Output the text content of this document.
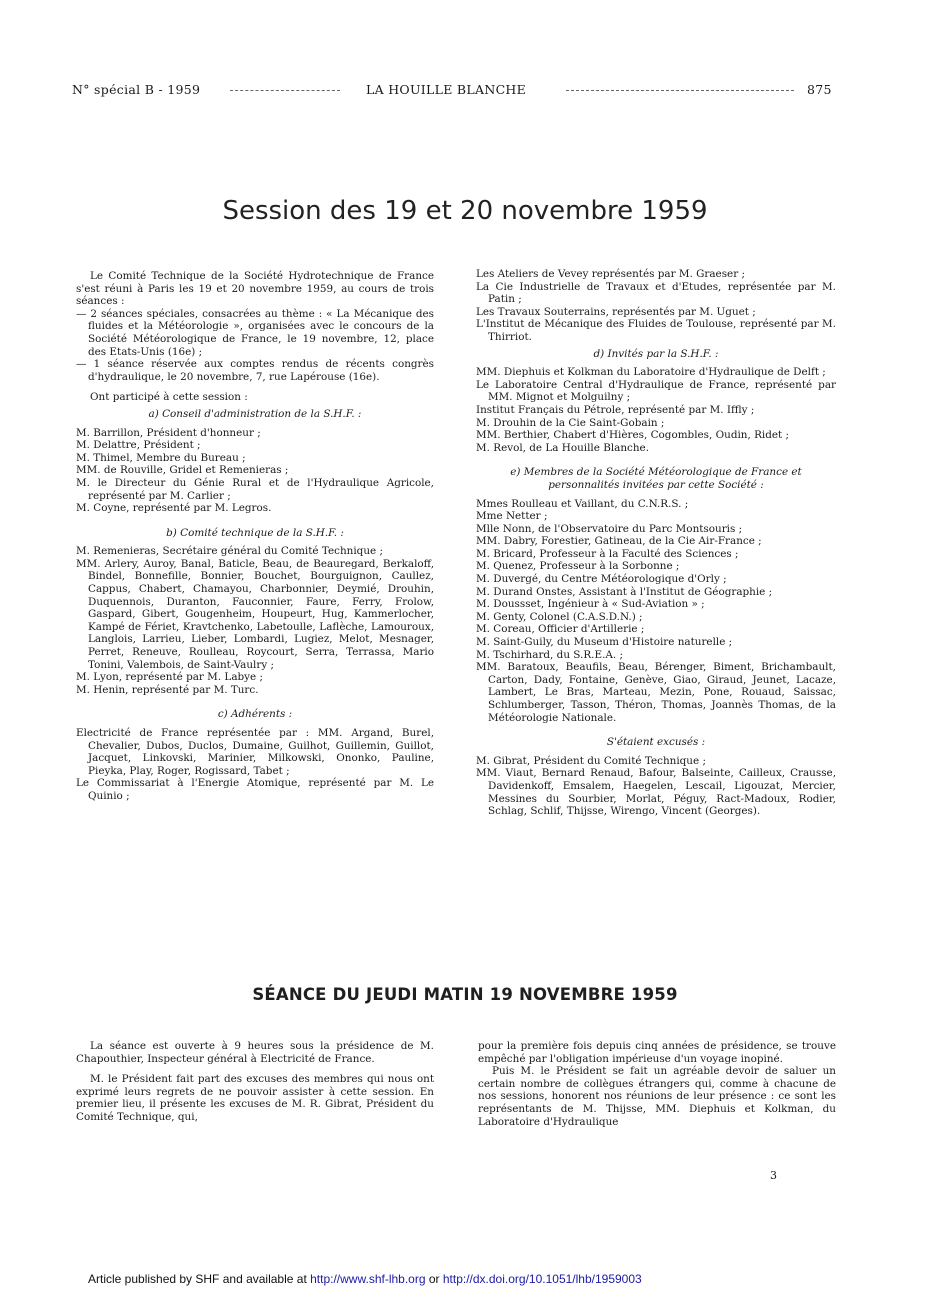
N° spécial B - 1959	LA HOUILLE BLANCHE	875
Session des 19 et 20 novembre 1959

Le Comité Technique de la Société Hydrotechnique de France s'est réuni à Paris les 19 et 20 novembre 1959, au cours de trois séances :

— 2 séances spéciales, consacrées au thème : « La Mécanique des fluides et la Météorologie », organisées avec le concours de la Société Météorologique de France, le 19 novembre, 12, place des Etats-Unis (16e) ;

— 1 séance réservée aux comptes rendus de récents congrès d'hydraulique, le 20 novembre, 7, rue Lapérouse (16e).

Ont participé à cette session :

a) Conseil d'administration de la S.H.F. :

M. Barrillon, Président d'honneur ;

M. Delattre, Président ;

M. Thimel, Membre du Bureau ;

MM. de Rouville, Gridel et Remenieras ;

M. le Directeur du Génie Rural et de l'Hydraulique Agricole, représenté par M. Carlier ;

M. Coyne, représenté par M. Legros.

b) Comité technique de la S.H.F. :

M. Remenieras, Secrétaire général du Comité Technique ;

MM. Arlery, Auroy, Banal, Baticle, Beau, de Beauregard, Berkaloff, Bindel, Bonnefille, Bonnier, Bouchet, Bourguignon, Caullez, Cappus, Chabert, Chamayou, Charbonnier, Deymié, Drouhin, Duquennois, Duranton, Fauconnier, Faure, Ferry, Frolow, Gaspard, Gibert, Gougenheim, Houpeurt, Hug, Kammerlocher, Kampé de Fériet, Kravtchenko, Labetoulle, Laflèche, Lamouroux, Langlois, Larrieu, Lieber, Lombardi, Lugiez, Melot, Mesnager, Perret, Reneuve, Roulleau, Roycourt, Serra, Terrassa, Mario Tonini, Valembois, de Saint-Vaulry ;

M. Lyon, représenté par M. Labye ;

M. Henin, représenté par M. Turc.

c) Adhérents :

Electricité de France représentée par : MM. Argand, Burel, Chevalier, Dubos, Duclos, Dumaine, Guilhot, Guillemin, Guillot, Jacquet, Linkovski, Marinier, Milkowski, Ononko, Pauline, Pieyka, Play, Roger, Rogissard, Tabet ;

Le Commissariat à l'Energie Atomique, représenté par M. Le Quinio ;

Les Ateliers de Vevey représentés par M. Graeser ;

La Cie Industrielle de Travaux et d'Etudes, représentée par M. Patin ;

Les Travaux Souterrains, représentés par M. Uguet ;

L'Institut de Mécanique des Fluides de Toulouse, représenté par M. Thirriot.

d) Invités par la S.H.F. :

MM. Diephuis et Kolkman du Laboratoire d'Hydraulique de Delft ;

Le Laboratoire Central d'Hydraulique de France, représenté par MM. Mignot et Molguilny ;

Institut Français du Pétrole, représenté par M. Iffly ;

M. Drouhin de la Cie Saint-Gobain ;

MM. Berthier, Chabert d'Hières, Cogombles, Oudin, Ridet ;

M. Revol, de La Houille Blanche.

e) Membres de la Société Météorologique de France et personnalités invitées par cette Société :

Mmes Roulleau et Vaillant, du C.N.R.S. ;

Mme Netter ;

Mlle Nonn, de l'Observatoire du Parc Montsouris ;

MM. Dabry, Forestier, Gatineau, de la Cie Air-France ;

M. Bricard, Professeur à la Faculté des Sciences ;

M. Quenez, Professeur à la Sorbonne ;

M. Duvergé, du Centre Météorologique d'Orly ;

M. Durand Onstes, Assistant à l'Institut de Géographie ;

M. Doussset, Ingénieur à « Sud-Aviation » ;

M. Genty, Colonel (C.A.S.D.N.) ;

M. Coreau, Officier d'Artillerie ;

M. Saint-Guily, du Museum d'Histoire naturelle ;

M. Tschirhard, du S.R.E.A. ;

MM. Baratoux, Beaufils, Beau, Bérenger, Biment, Brichambault, Carton, Dady, Fontaine, Genève, Giao, Giraud, Jeunet, Lacaze, Lambert, Le Bras, Marteau, Mezin, Pone, Rouaud, Saissac, Schlumberger, Tasson, Théron, Thomas, Joannès Thomas, de la Météorologie Nationale.

S'étaient excusés :

M. Gibrat, Président du Comité Technique ;

MM. Viaut, Bernard Renaud, Bafour, Balseinte, Cailleux, Crausse, Davidenkoff, Emsalem, Haegelen, Lescail, Ligouzat, Mercier, Messines du Sourbier, Morlat, Péguy, Ract-Madoux, Rodier, Schlag, Schlif, Thijsse, Wirengo, Vincent (Georges).

SÉANCE DU JEUDI MATIN 19 NOVEMBRE 1959

La séance est ouverte à 9 heures sous la présidence de M. Chapouthier, Inspecteur général à Electricité de France.

M. le Président fait part des excuses des membres qui nous ont exprimé leurs regrets de ne pouvoir assister à cette session. En premier lieu, il présente les excuses de M. R. Gibrat, Président du Comité Technique, qui,

pour la première fois depuis cinq années de présidence, se trouve empêché par l'obligation impérieuse d'un voyage inopiné.

Puis M. le Président se fait un agréable devoir de saluer un certain nombre de collègues étrangers qui, comme à chacune de nos sessions, honorent nos réunions de leur présence : ce sont les représentants de M. Thijsse, MM. Diephuis et Kolkman, du Laboratoire d'Hydraulique

3
Article published by SHF and available at http://www.shf-lhb.org or http://dx.doi.org/10.1051/lhb/1959003
